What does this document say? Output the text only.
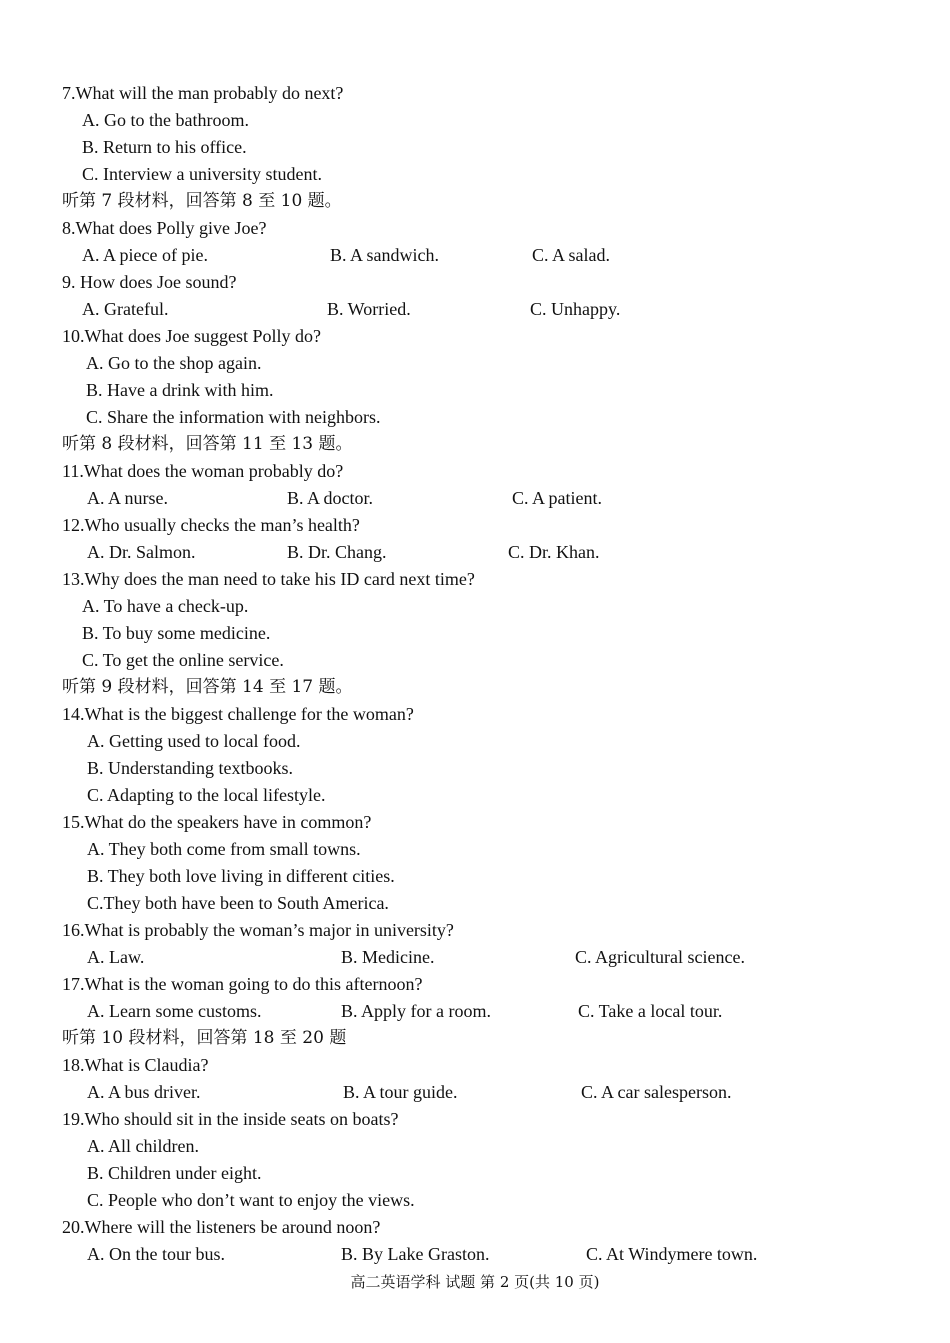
7.What will the man probably do next?
A. Go to the bathroom.
B. Return to his office.
C. Interview a university student.
听第 7 段材料，回答第 8 至 10 题。
8.What does Polly give Joe?
A. A piece of pie.	B. A sandwich.	C. A salad.
9. How does Joe sound?
A. Grateful.	B. Worried.	C. Unhappy.
10.What does Joe suggest Polly do?
A. Go to the shop again.
B. Have a drink with him.
C. Share the information with neighbors.
听第 8 段材料，回答第 11 至 13 题。
11.What does the woman probably do?
A. A nurse.	B. A doctor.	C. A patient.
12.Who usually checks the man’s health?
A. Dr. Salmon.	B. Dr. Chang.	C. Dr. Khan.
13.Why does the man need to take his ID card next time?
A. To have a check-up.
B. To buy some medicine.
C. To get the online service.
听第 9 段材料，回答第 14 至 17 题。
14.What is the biggest challenge for the woman?
A. Getting used to local food.
B. Understanding textbooks.
C. Adapting to the local lifestyle.
15.What do the speakers have in common?
A. They both come from small towns.
B. They both love living in different cities.
C.They both have been to South America.
16.What is probably the woman’s major in university?
A. Law.	B. Medicine.	C. Agricultural science.
17.What is the woman going to do this afternoon?
A. Learn some customs.	B. Apply for a room.	C. Take a local tour.
听第 10 段材料，回答第 18 至 20 题
18.What is Claudia?
A. A bus driver.	B. A tour guide.	C. A car salesperson.
19.Who should sit in the inside seats on boats?
A. All children.
B. Children under eight.
C. People who don’t want to enjoy the views.
20.Where will the listeners be around noon?
A. On the tour bus.	B. By Lake Graston.	C. At Windymere town.
高二英语学科 试题 第 2 页(共 10 页)
